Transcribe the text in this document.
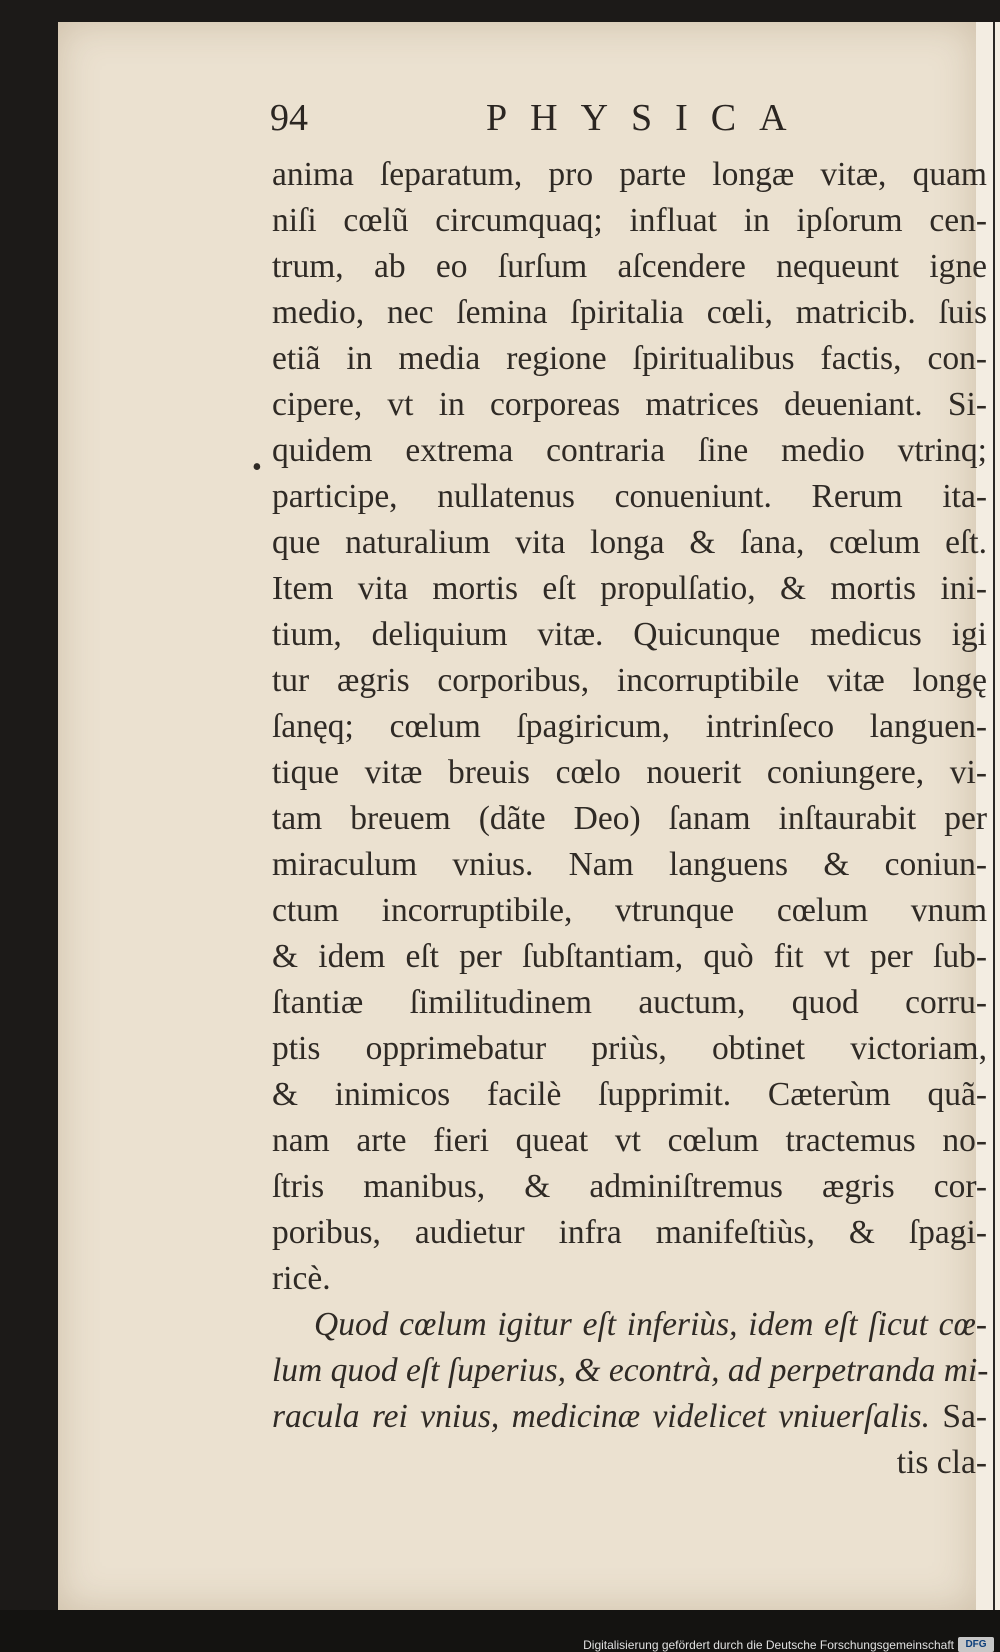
94	PHYSICA
•
anima ſeparatum, pro parte longæ vitæ, quam
niſi cœlũ circumquaq; influat in ipſorum cen-
trum, ab eo ſurſum aſcendere nequeunt igne
medio, nec ſemina ſpiritalia cœli, matricib. ſuis
etiã in media regione ſpiritualibus factis, con-
cipere, vt in corporeas matrices deueniant. Si-
quidem extrema contraria ſine medio vtrinq;
participe, nullatenus conueniunt. Rerum ita-
que naturalium vita longa & ſana, cœlum eſt.
Item vita mortis eſt propulſatio, & mortis ini-
tium, deliquium vitæ. Quicunque medicus igi
tur ægris corporibus, incorruptibile vitæ longę
ſanęq; cœlum ſpagiricum, intrinſeco languen-
tique vitæ breuis cœlo nouerit coniungere, vi-
tam breuem (dãte Deo) ſanam inſtaurabit per
miraculum vnius. Nam languens & coniun-
ctum incorruptibile, vtrunque cœlum vnum
& idem eſt per ſubſtantiam, quò fit vt per ſub-
ſtantiæ ſimilitudinem auctum, quod corru-
ptis opprimebatur priùs, obtinet victoriam,
& inimicos facilè ſupprimit. Cæterùm quã-
nam arte fieri queat vt cœlum tractemus no-
ſtris manibus, & adminiſtremus ægris cor-
poribus, audietur infra manifeſtiùs, & ſpagi-
ricè.
Quod cœlum igitur eſt inferiùs, idem eſt ſicut cœ-
lum quod eſt ſuperius, & econtrà, ad perpetranda mi-
racula rei vnius, medicinæ videlicet vniuerſalis. Sa-
tis cla-
Digitalisierung gefördert durch die Deutsche Forschungsgemeinschaft	DFG
